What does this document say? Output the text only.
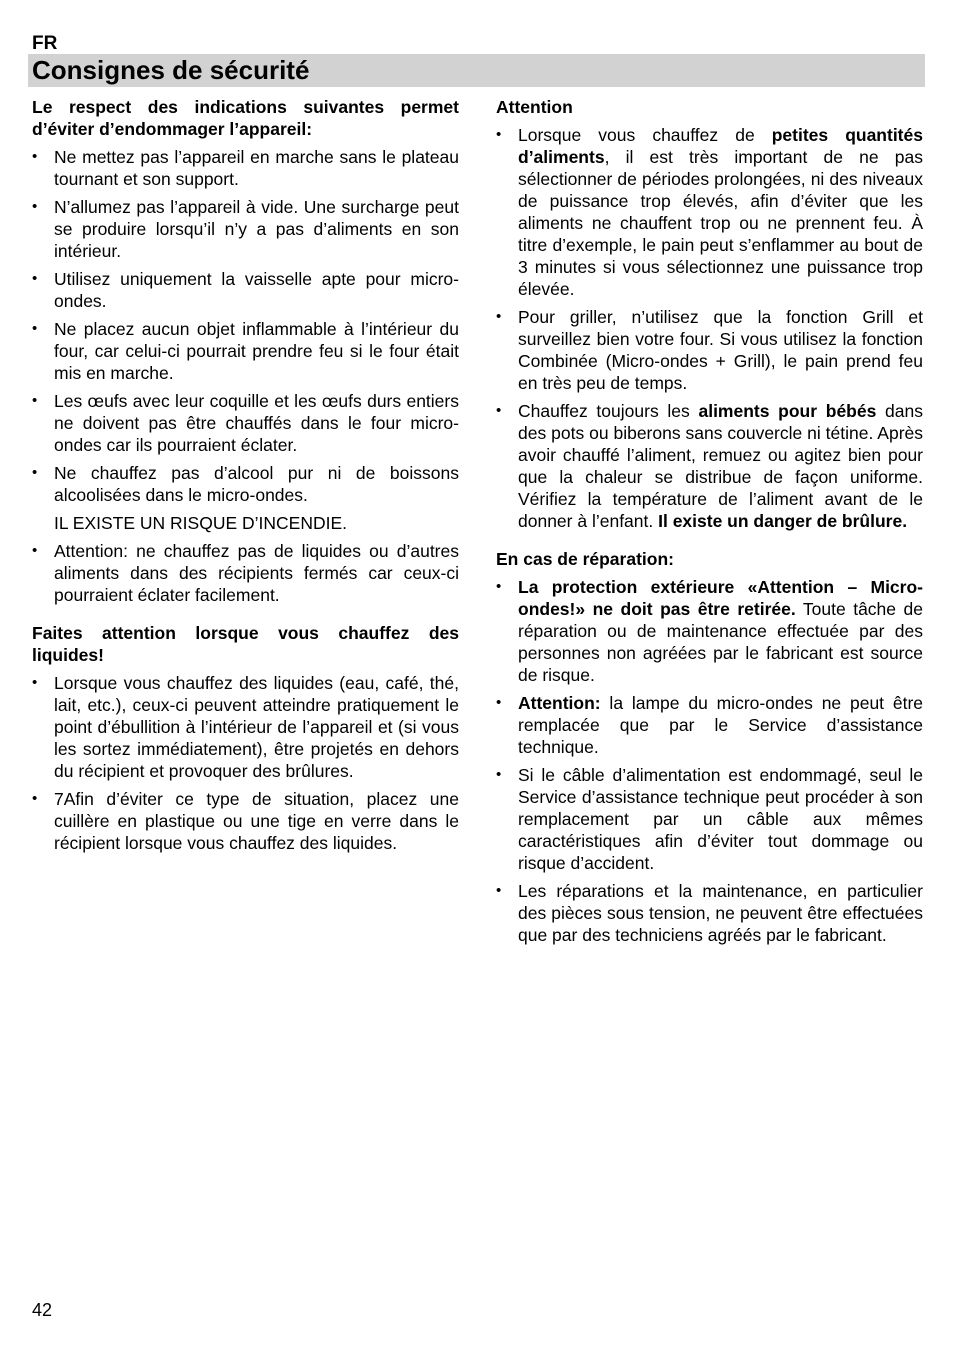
FR
Consignes de sécurité

Le respect des indications suivantes permet d’éviter d’endommager l’appareil:

• Ne mettez pas l’appareil en marche sans le plateau tournant et son support.
• N’allumez pas l’appareil à vide. Une surcharge peut se produire lorsqu’il n’y a pas d’aliments en son intérieur.
• Utilisez uniquement la vaisselle apte pour micro-ondes.
• Ne placez aucun objet inflammable à l’intérieur du four, car celui-ci pourrait prendre feu si le four était mis en marche.
• Les œufs avec leur coquille et les œufs durs entiers ne doivent pas être chauffés dans le four micro-ondes car ils pourraient éclater.
• Ne chauffez pas d’alcool pur ni de boissons alcoolisées dans le micro-ondes.

IL EXISTE UN RISQUE D’INCENDIE.

• Attention: ne chauffez pas de liquides ou d’autres aliments dans des récipients fermés car ceux-ci pourraient éclater facilement.

Faites attention lorsque vous chauffez des liquides!

• Lorsque vous chauffez des liquides (eau, café, thé, lait, etc.), ceux-ci peuvent atteindre pratiquement le point d’ébullition à l’intérieur de l’appareil et (si vous les sortez immédiatement), être projetés en dehors du récipient et provoquer des brûlures.
• 7Afin d’éviter ce type de situation, placez une cuillère en plastique ou une tige en verre dans le récipient lorsque vous chauffez des liquides.

Attention

• Lorsque vous chauffez de petites quantités d’aliments, il est très important de ne pas sélectionner de périodes prolongées, ni des niveaux de puissance trop élevés, afin d’éviter que les aliments ne chauffent trop ou ne prennent feu. À titre d’exemple, le pain peut s’enflammer au bout de 3 minutes si vous sélectionnez une puissance trop élevée.
• Pour griller, n’utilisez que la fonction Grill et surveillez bien votre four. Si vous utilisez la fonction Combinée (Micro-ondes + Grill), le pain prend feu en très peu de temps.
• Chauffez toujours les aliments pour bébés dans des pots ou biberons sans couvercle ni tétine. Après avoir chauffé l’aliment, remuez ou agitez bien pour que la chaleur se distribue de façon uniforme. Vérifiez la température de l’aliment avant de le donner à l’enfant. Il existe un danger de brûlure.

En cas de réparation:

• La protection extérieure «Attention – Micro-ondes!» ne doit pas être retirée. Toute tâche de réparation ou de maintenance effectuée par des personnes non agréées par le fabricant est source de risque.
• Attention: la lampe du micro-ondes ne peut être remplacée que par le Service d’assistance technique.
• Si le câble d’alimentation est endommagé, seul le Service d’assistance technique peut procéder à son remplacement par un câble aux mêmes caractéristiques afin d’éviter tout dommage ou risque d’accident.
• Les réparations et la maintenance, en particulier des pièces sous tension, ne peuvent être effectuées que par des techniciens agréés par le fabricant.
42
